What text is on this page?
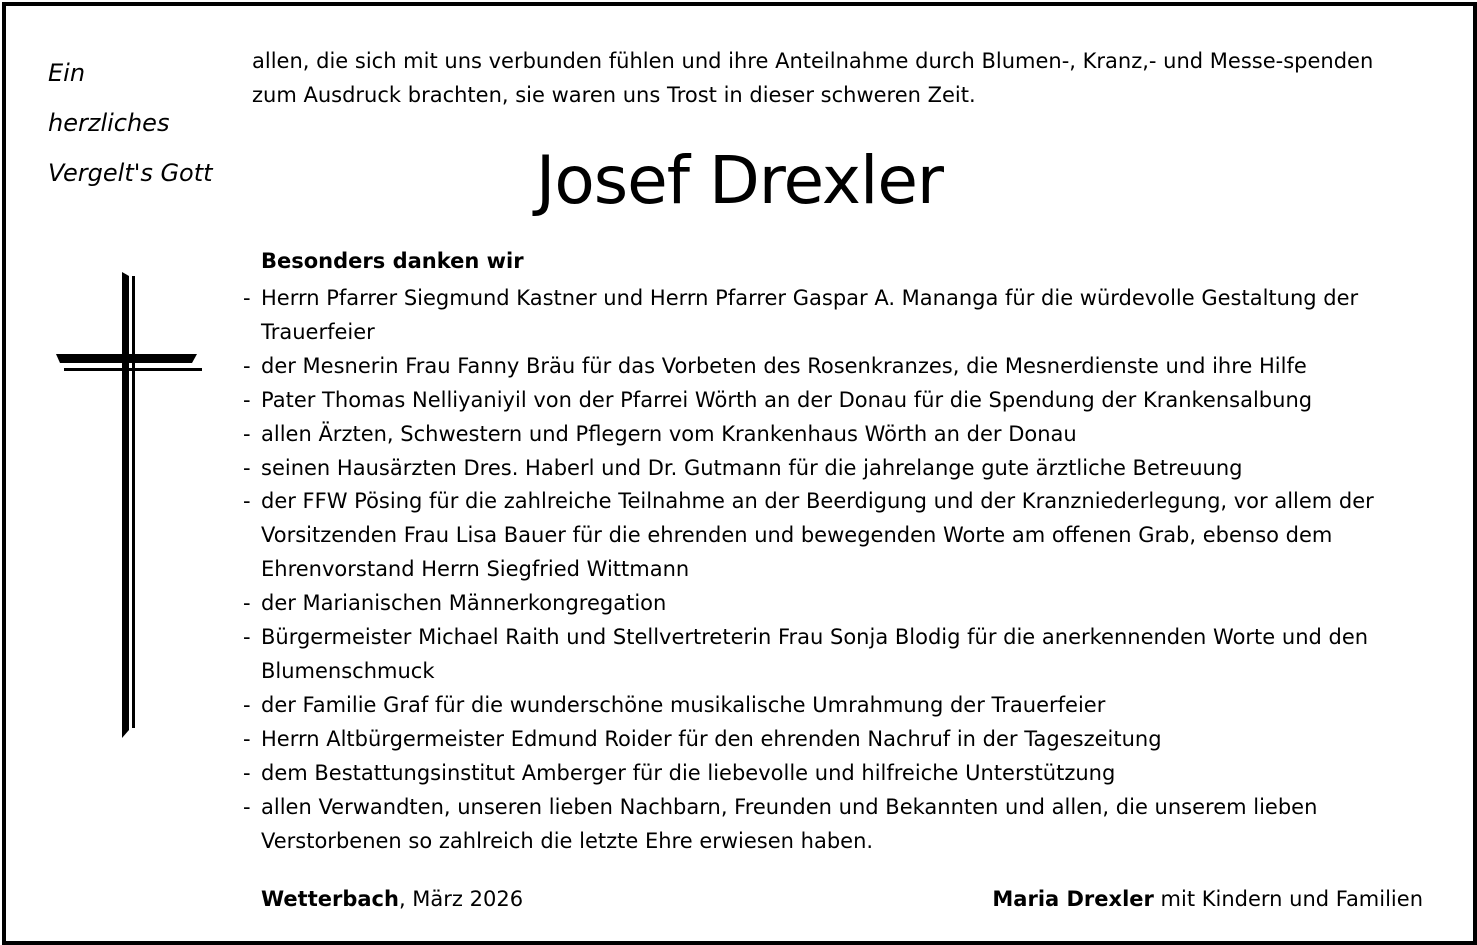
Ein
herzliches
Vergelt's Gott
allen, die sich mit uns verbunden fühlen und ihre Anteilnahme durch Blumen-, Kranz,- und Messe-spenden zum Ausdruck brachten, sie waren uns Trost in dieser schweren Zeit.
Josef Drexler
Besonders danken wir
- Herrn Pfarrer Siegmund Kastner und Herrn Pfarrer Gaspar A. Mananga für die würdevolle Gestaltung der Trauerfeier
- der Mesnerin Frau Fanny Bräu für das Vorbeten des Rosenkranzes, die Mesnerdienste und ihre Hilfe
- Pater Thomas Nelliyaniyil von der Pfarrei Wörth an der Donau für die Spendung der Krankensalbung
- allen Ärzten, Schwestern und Pflegern vom Krankenhaus Wörth an der Donau
- seinen Hausärzten Dres. Haberl und Dr. Gutmann für die jahrelange gute ärztliche Betreuung
- der FFW Pösing für die zahlreiche Teilnahme an der Beerdigung und der Kranzniederlegung, vor allem der Vorsitzenden Frau Lisa Bauer für die ehrenden und bewegenden Worte am offenen Grab, ebenso dem Ehrenvorstand Herrn Siegfried Wittmann
- der Marianischen Männerkongregation
- Bürgermeister Michael Raith und Stellvertreterin Frau Sonja Blodig für die anerkennenden Worte und den Blumenschmuck
- der Familie Graf für die wunderschöne musikalische Umrahmung der Trauerfeier
- Herrn Altbürgermeister Edmund Roider für den ehrenden Nachruf in der Tageszeitung
- dem Bestattungsinstitut Amberger für die liebevolle und hilfreiche Unterstützung
- allen Verwandten, unseren lieben Nachbarn, Freunden und Bekannten und allen, die unserem lieben Verstorbenen so zahlreich die letzte Ehre erwiesen haben.
Wetterbach, März 2026	Maria Drexler mit Kindern und Familien
